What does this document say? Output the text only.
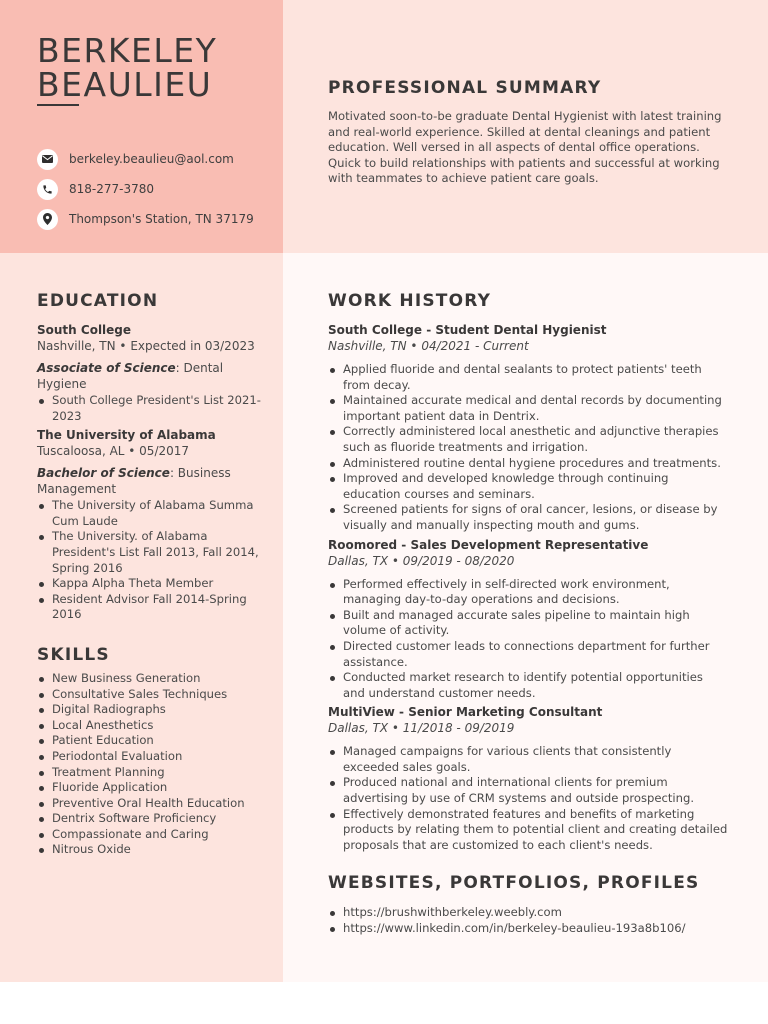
BERKELEY
BEAULIEU
berkeley.beaulieu@aol.com
818-277-3780
Thompson's Station, TN 37179
PROFESSIONAL SUMMARY

Motivated soon-to-be graduate Dental Hygienist with latest training and real-world experience. Skilled at dental cleanings and patient education. Well versed in all aspects of dental office operations. Quick to build relationships with patients and successful at working with teammates to achieve patient care goals.

EDUCATION
South College
Nashville, TN • Expected in 03/2023
Associate of Science: Dental Hygiene
South College President's List 2021-2023
The University of Alabama
Tuscaloosa, AL • 05/2017
Bachelor of Science: Business Management
The University of Alabama Summa Cum Laude
The University. of Alabama President's List Fall 2013, Fall 2014, Spring 2016
Kappa Alpha Theta Member
Resident Advisor Fall 2014-Spring 2016
SKILLS
New Business Generation
Consultative Sales Techniques
Digital Radiographs
Local Anesthetics
Patient Education
Periodontal Evaluation
Treatment Planning
Fluoride Application
Preventive Oral Health Education
Dentrix Software Proficiency
Compassionate and Caring
Nitrous Oxide
WORK HISTORY
South College - Student Dental Hygienist
Nashville, TN • 04/2021 - Current
Applied fluoride and dental sealants to protect patients' teeth from decay.
Maintained accurate medical and dental records by documenting important patient data in Dentrix.
Correctly administered local anesthetic and adjunctive therapies such as fluoride treatments and irrigation.
Administered routine dental hygiene procedures and treatments.
Improved and developed knowledge through continuing education courses and seminars.
Screened patients for signs of oral cancer, lesions, or disease by visually and manually inspecting mouth and gums.
Roomored - Sales Development Representative
Dallas, TX • 09/2019 - 08/2020
Performed effectively in self-directed work environment, managing day-to-day operations and decisions.
Built and managed accurate sales pipeline to maintain high volume of activity.
Directed customer leads to connections department for further assistance.
Conducted market research to identify potential opportunities and understand customer needs.
MultiView - Senior Marketing Consultant
Dallas, TX • 11/2018 - 09/2019
Managed campaigns for various clients that consistently exceeded sales goals.
Produced national and international clients for premium advertising by use of CRM systems and outside prospecting.
Effectively demonstrated features and benefits of marketing products by relating them to potential client and creating detailed proposals that are customized to each client's needs.
WEBSITES, PORTFOLIOS, PROFILES
https://brushwithberkeley.weebly.com
https://www.linkedin.com/in/berkeley-beaulieu-193a8b106/
